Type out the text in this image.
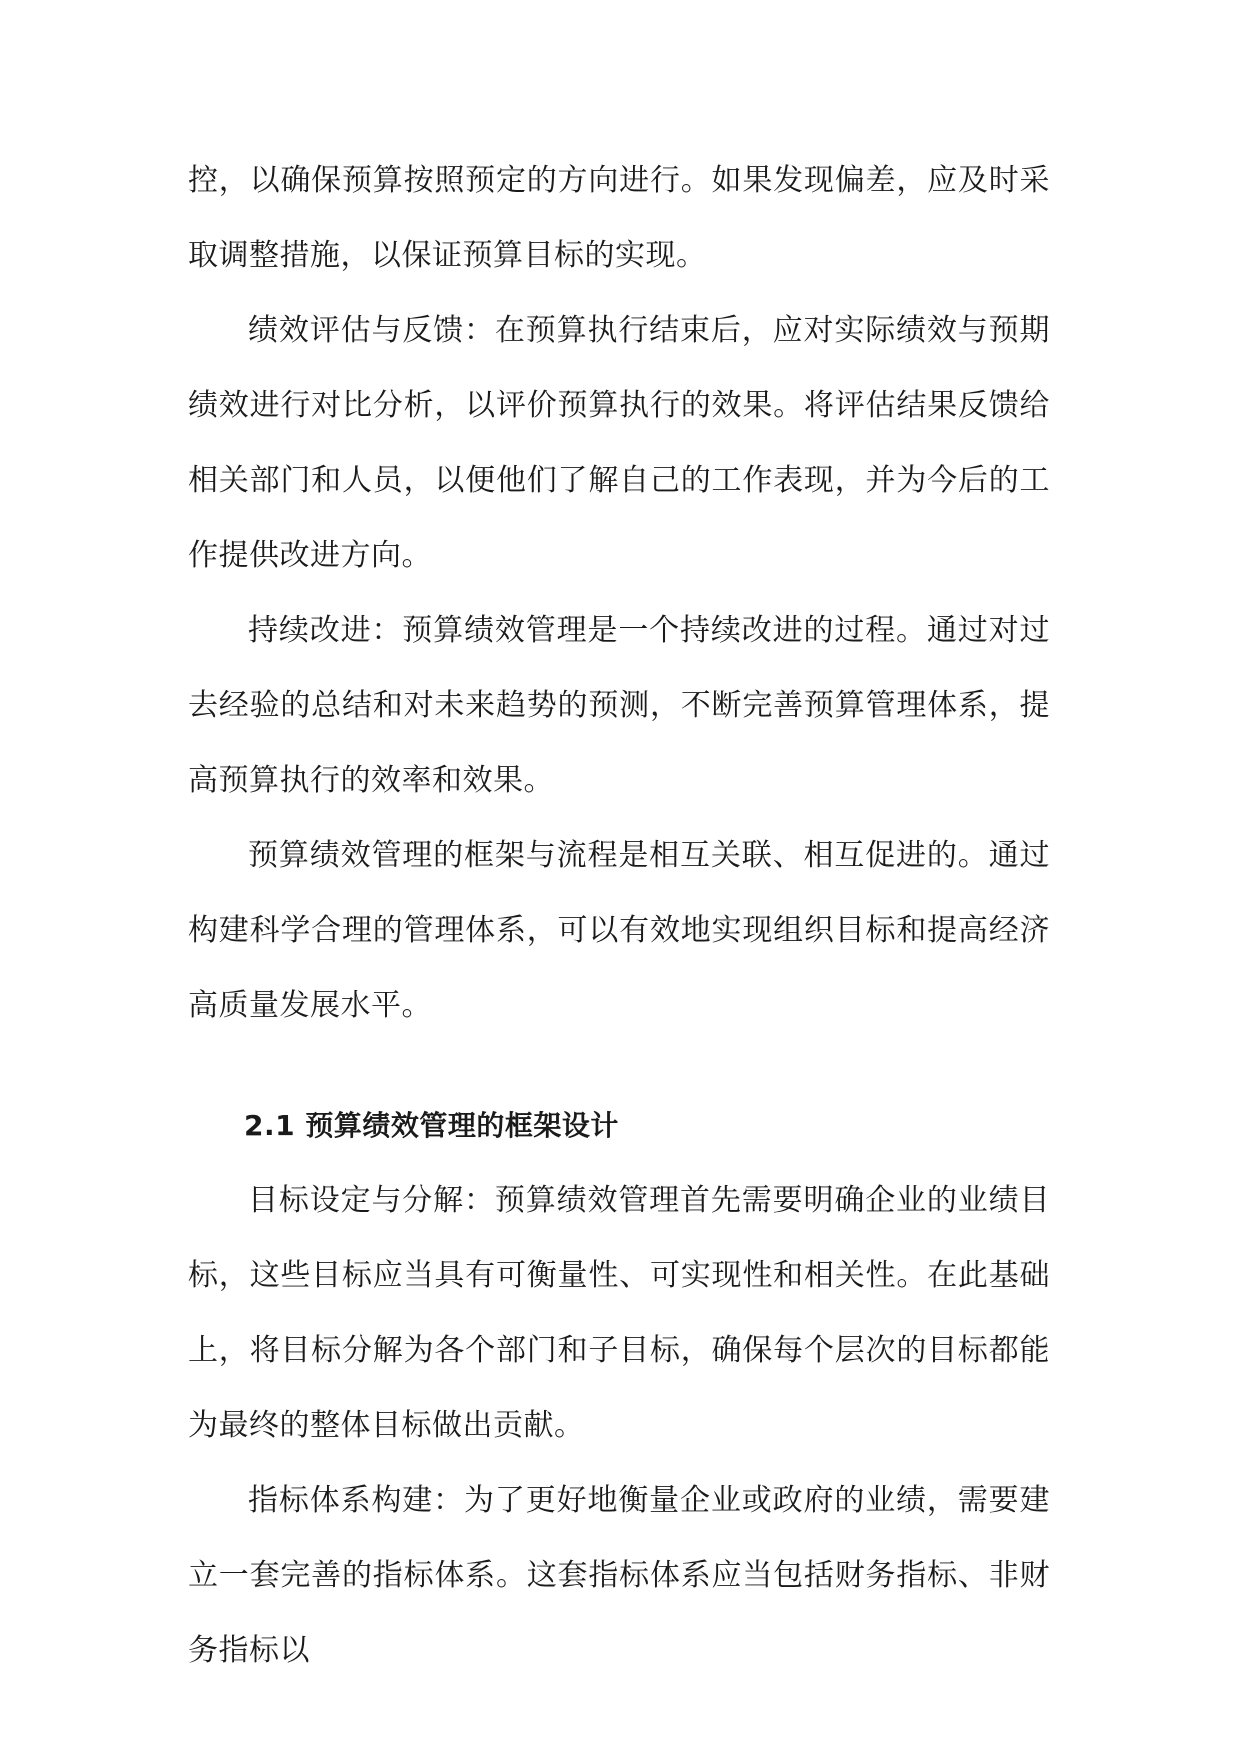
控，以确保预算按照预定的方向进行。如果发现偏差，应及时采取调整措施，以保证预算目标的实现。

绩效评估与反馈：在预算执行结束后，应对实际绩效与预期绩效进行对比分析，以评价预算执行的效果。将评估结果反馈给相关部门和人员，以便他们了解自己的工作表现，并为今后的工作提供改进方向。

持续改进：预算绩效管理是一个持续改进的过程。通过对过去经验的总结和对未来趋势的预测，不断完善预算管理体系，提高预算执行的效率和效果。

预算绩效管理的框架与流程是相互关联、相互促进的。通过构建科学合理的管理体系，可以有效地实现组织目标和提高经济高质量发展水平。

2.1 预算绩效管理的框架设计

目标设定与分解：预算绩效管理首先需要明确企业的业绩目标，这些目标应当具有可衡量性、可实现性和相关性。在此基础上，将目标分解为各个部门和子目标，确保每个层次的目标都能为最终的整体目标做出贡献。

指标体系构建：为了更好地衡量企业或政府的业绩，需要建立一套完善的指标体系。这套指标体系应当包括财务指标、非财务指标以
